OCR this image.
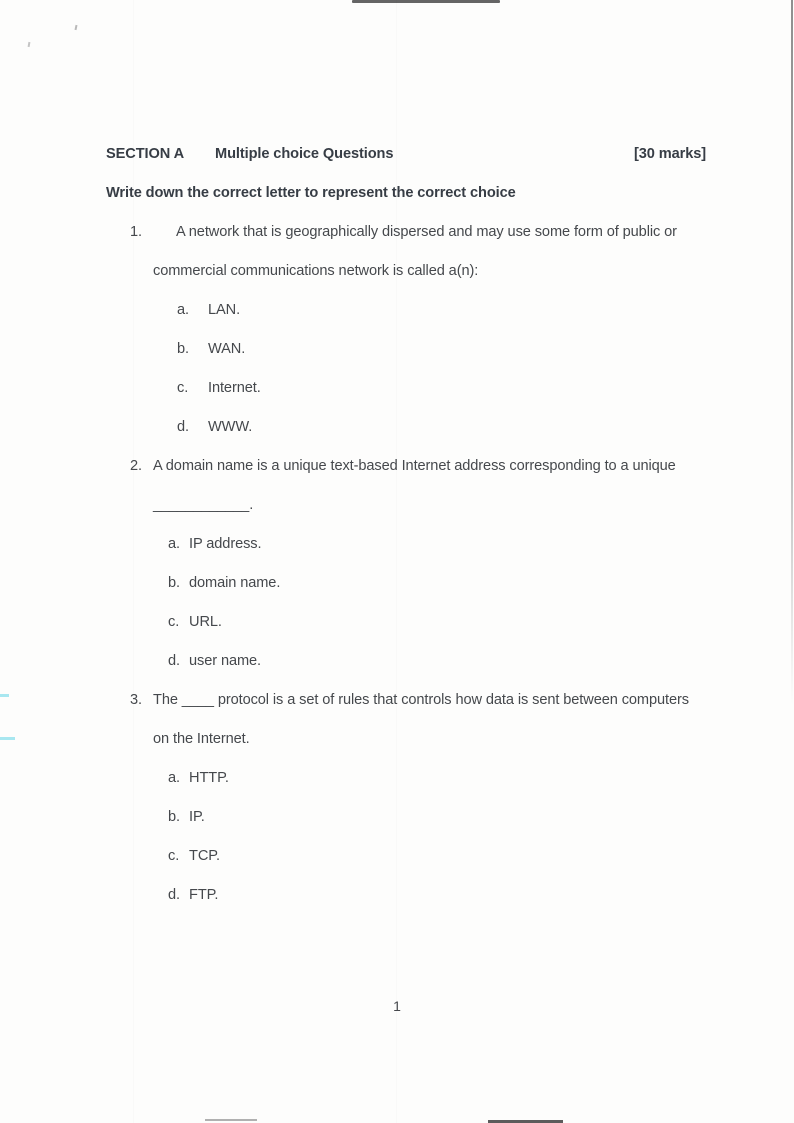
SECTION A Multiple choice Questions	[30 marks]
Write down the correct letter to represent the correct choice
1. A network that is geographically dispersed and may use some form of public or
commercial communications network is called a(n):
a. LAN.
b. WAN.
c. Internet.
d. WWW.
2. A domain name is a unique text-based Internet address corresponding to a unique
____________.
a. IP address.
b. domain name.
c. URL.
d. user name.
3. The ____ protocol is a set of rules that controls how data is sent between computers
on the Internet.
a. HTTP.
b. IP.
c. TCP.
d. FTP.
1
